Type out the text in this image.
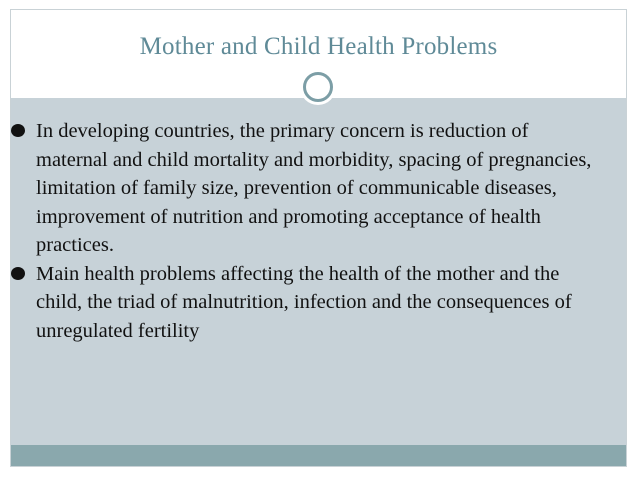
Mother and Child Health Problems
In developing countries, the primary concern is reduction of maternal and child mortality and morbidity, spacing of pregnancies, limitation of family size, prevention of communicable diseases, improvement of nutrition and promoting acceptance of health practices.
Main health problems affecting the health of the mother and the child, the triad of malnutrition, infection and the consequences of unregulated fertility
